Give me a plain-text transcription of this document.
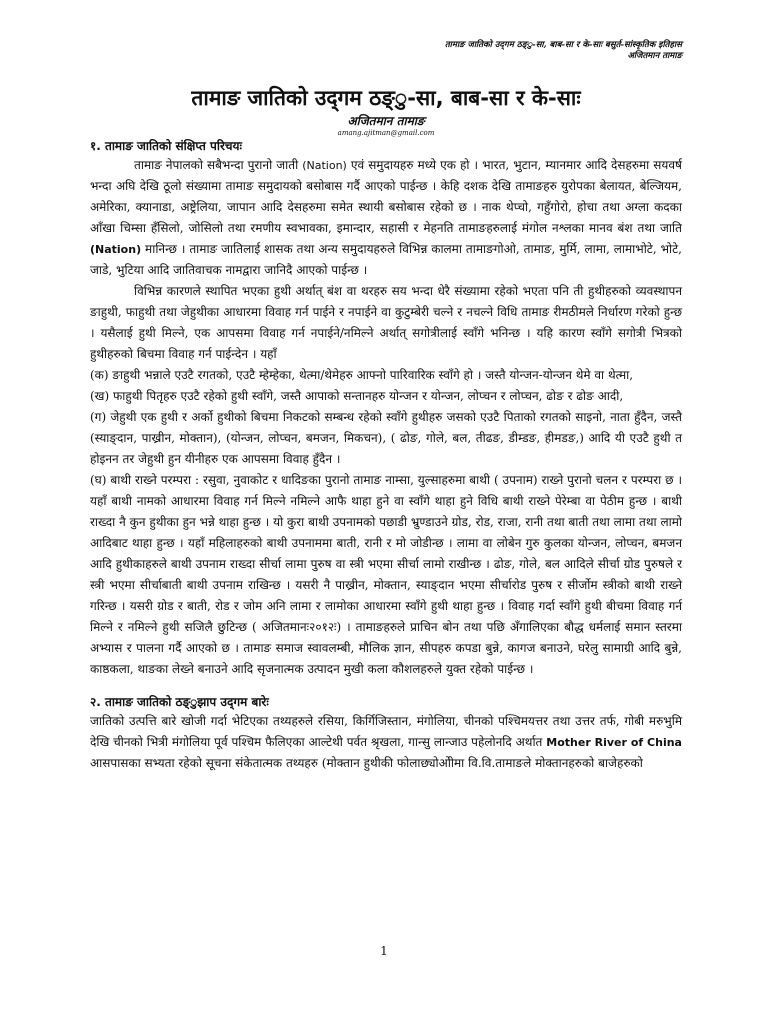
तामाङ जातिको उद्‌गम ठङ्ु-सा, बाब-सा र के-साः बसुर्त-सांस्कृतिक इतिहास
अजितमान तामाङ
तामाङ जातिको उद्‌गम ठङ्ु-सा, बाब-सा र के-साः
अजितमान तामाङ
amang.ajitman@gmail.com
१. तामाङ जातिको संक्षिप्त परिचयः

तामाङ नेपालको सबैभन्दा पुरानो जाती (Nation) एवं समुदायहरु मध्ये एक हो । भारत, भुटान, म्यानमार आदि देसहरुमा सयवर्ष भन्दा अघि देखि ठूलो संख्यामा तामाङ समुदायको बसोबास गर्दै आएको पाईन्छ । केहि दशक देखि तामाङहरु युरोपका बेलायत, बेल्जियम, अमेरिका, क्यानाडा, अष्ट्रेलिया, जापान आदि देसहरुमा समेत स्थायी बसोबास रहेको छ । नाक थेप्चो, गहुँगोरो, होचा तथा अग्ला कदका आँखा चिम्सा हँसिलो, जोसिलो तथा रमणीय स्वभावका, इमान्दार, सहासी र मेहनति तामाङहरुलाई मंगोल नश्लका मानव बंश तथा जाति (Nation) मानिन्छ । तामाङ जातिलाई शासक तथा अन्य समुदायहरुले विभिन्न कालमा तामाङगोओ, तामाङ, मुर्मि, लामा, लामाभोटे, भोटे, जाडे, भुटिया आदि जातिवाचक नामद्वारा जानिदै आएको पाईन्छ ।

विभिन्न कारणले स्थापित भएका हुथी अर्थात् बंश वा थरहरु सय भन्दा धेरै संख्यामा रहेको भएता पनि ती हुथीहरुको व्यवस्थापन ङाहुथी, फाहुथी तथा जेहुथीका आधारमा विवाह गर्न पाईने र नपाईने वा कुटुम्बेरी चल्ने र नचल्ने विधि तामाङ रीमठीमले निर्धारण गरेको हुन्छ । यसैलाई हुथी मिल्ने, एक आपसमा विवाह गर्न नपाईने/नमिल्ने अर्थात् सगोत्रीलाई स्वाँगे भनिन्छ । यहि कारण स्वाँगे सगोत्री भित्रको हुथीहरुको बिचमा विवाह गर्न पाईन्देन । यहाँ

(क) ङाहुथी भन्नाले एउटै रगतको, एउटै म्हेम्हेका, थेत्मा/थेमेहरु आफ्नो पारिवारिक स्वाँगे हो । जस्तै योन्जन-योन्जन थेमे वा थेत्मा,

(ख) फाहुथी पितृहरु एउटै रहेको हुथी स्वाँगे, जस्तै आपाको सन्तानहरु योन्जन र योन्जन, लोप्चन र लोप्चन, ढोङ र ढोङ आदी,

(ग) जेहुथी एक हुथी र अर्को हुथीको बिचमा निकटको सम्बन्ध रहेको स्वाँगे हुथीहरु जसको एउटै पिताको रगतको साइनो, नाता हुँदैन, जस्तै (स्याङ्दान, पाख्रीन, मोक्तान), (योन्जन, लोप्चन, बमजन, मिकचन), ( ढोङ, गोले, बल, तीढङ, डीम्डङ, हीमडङ,) आदि यी एउटै हुथी त होइनन तर जेहुथी हुन यीनीहरु एक आपसमा विवाह हुँदैन ।

(घ) बाथी राख्ने परम्परा : रसुवा, नुवाकोट र धादिङका पुरानो तामाङ नाम्सा, युल्साहरुमा बाथी ( उपनाम) राख्ने पुरानो चलन र परम्परा छ । यहाँ बाथी नामको आधारमा विवाह गर्न मिल्ने नमिल्ने आफै थाहा हुने वा स्वाँगे थाहा हुने विधि बाथी राख्ने पेरेम्बा वा पेठीम हुन्छ । बाथी राख्दा नै कुन हुथीका हुन भन्ने थाहा हुन्छ । यो कुरा बाथी उपनामको पछाडी भ्रुण्डाउने ग्रोड, रोड, राजा, रानी तथा बाती तथा लामा तथा लामो आदिबाट थाहा हुन्छ । यहाँ महिलाहरुको बाथी उपनाममा बाती, रानी र मो जोडीन्छ । लामा वा लोबेन गुरु कुलका योन्जन, लोप्चन, बमजन आदि हुथीकाहरुले बाथी उपनाम राख्दा सीर्चा लामा पुरुष वा स्त्री भएमा सीर्चा लामो राखीन्छ । ढोङ, गोले, बल आदिले सीर्चा ग्रोड पुरुषले र स्त्री भएमा सीर्चाबाती बाथी उपनाम राखिन्छ । यसरी नै पाख्रीन, मोक्तान, स्याङ्दान भएमा सीर्चारोड पुरुष र सीर्जोम स्त्रीको बाथी राख्ने गरिन्छ । यसरी ग्रोड र बाती, रोड र जोम अनि लामा र लामोका आधारमा स्वाँगे हुथी थाहा हुन्छ । विवाह गर्दा स्वाँगे हुथी बीचमा विवाह गर्न मिल्ने र नमिल्ने हुथी सजिलै छुटिन्छ ( अजितमानः२०१२ः) । तामाङहरुले प्राचिन बोन तथा पछि अँगालिएका बौद्ध धर्मलाई समान स्तरमा अभ्यास र पालना गर्दै आएको छ । तामाङ समाज स्वावलम्बी, मौलिक ज्ञान, सीपहरु कपडा बुन्ने, कागज बनाउने, घरेलु सामाग्री आदि बुन्ने, काष्ठकला, थाङका लेख्ने बनाउने आदि सृजनात्मक उत्पादन मुखी कला कौशलहरुले युक्त रहेको पाईन्छ ।

२. तामाङ जातिको ठङ्ुझाप उद्‌गम बारेः

जातिको उत्पत्ति बारे खोजी गर्दा भेटिएका तथ्यहरुले रसिया, किर्गिजिस्तान, मंगोलिया, चीनको पश्चिमयत्तर तथा उत्तर तर्फ, गोबी मरुभुमि देखि चीनको भित्री मंगोलिया पूर्व पश्चिम फैलिएका आल्टेथी पर्वत श्रृखला, गान्सु लान्जाउ पहेलोनदि अर्थात Mother River of China आसपासका सभ्यता रहेको सूचना संकेतात्मक तथ्यहरु (मोक्तान हुथीकी फोलाछ्योओीमा वि.वि.तामाङले मोक्तानहरुको बाजेहरुको

1
